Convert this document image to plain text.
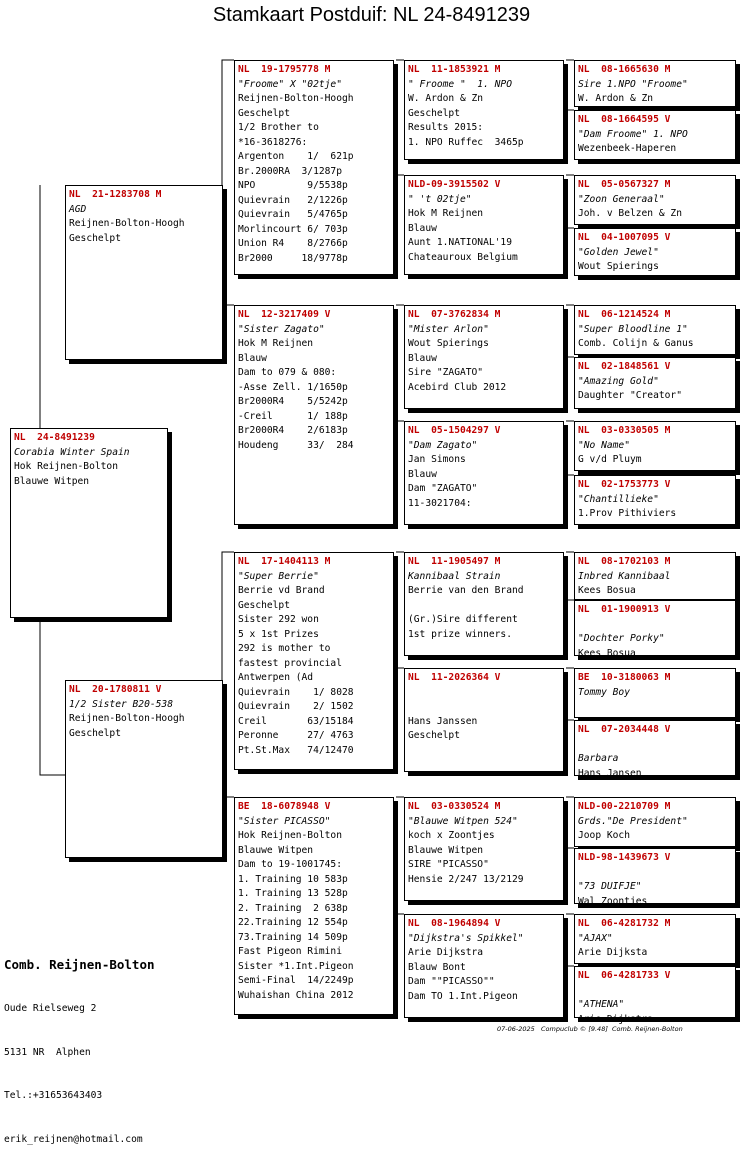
Stamkaart Postduif: NL 24-8491239
NL  24-8491239
Corabia Winter Spain
Hok Reijnen-Bolton
Blauwe Witpen
NL  21-1283708 M
AGD
Reijnen-Bolton-Hoogh
Geschelpt
NL  20-1780811 V
1/2 Sister B20-538
Reijnen-Bolton-Hoogh
Geschelpt
NL  19-1795778 M
"Froome" X "02tje"
Reijnen-Bolton-Hoogh
Geschelpt
1/2 Brother to
*16-3618276:
Argenton    1/  621p
Br.2000RA  3/1287p
NPO         9/5538p
Quievrain   2/1226p
Quievrain   5/4765p
Morlincourt 6/ 703p
Union R4    8/2766p
Br2000     18/9778p
NL  12-3217409 V
"Sister Zagato"
Hok M Reijnen
Blauw
Dam to 079 & 080:
-Asse Zell. 1/1650p
Br2000R4    5/5242p
-Creil      1/ 188p
Br2000R4    2/6183p
Houdeng     33/  284
NL  17-1404113 M
"Super Berrie"
Berrie vd Brand
Geschelpt
Sister 292 won
5 x 1st Prizes
292 is mother to
fastest provincial
Antwerpen (Ad
Quievrain    1/ 8028
Quievrain    2/ 1502
Creil       63/15184
Peronne     27/ 4763
Pt.St.Max   74/12470
BE  18-6078948 V
"Sister PICASSO"
Hok Reijnen-Bolton
Blauwe Witpen
Dam to 19-1001745:
1. Training 10 583p
1. Training 13 528p
2. Training  2 638p
22.Training 12 554p
73.Training 14 509p
Fast Pigeon Rimini
Sister *1.Int.Pigeon
Semi-Final  14/2249p
Wuhaishan China 2012
NL  11-1853921 M
" Froome "  1. NPO
W. Ardon & Zn
Geschelpt
Results 2015:
1. NPO Ruffec  3465p
NLD-09-3915502 V
" 't 02tje"
Hok M Reijnen
Blauw
Aunt 1.NATIONAL'19
Chateauroux Belgium
NL  07-3762834 M
"Mister Arlon"
Wout Spierings
Blauw
Sire "ZAGATO"
Acebird Club 2012
NL  05-1504297 V
"Dam Zagato"
Jan Simons
Blauw
Dam "ZAGATO"
11-3021704:
NL  11-1905497 M
Kannibaal Strain
Berrie van den Brand
(Gr.)Sire different
1st prize winners.
NL  11-2026364 V
Hans Janssen
Geschelpt
NL  03-0330524 M
"Blauwe Witpen 524"
koch x Zoontjes
Blauwe Witpen
SIRE "PICASSO"
Hensie 2/247 13/2129
NL  08-1964894 V
"Dijkstra's Spikkel"
Arie Dijkstra
Blauw Bont
Dam ""PICASSO""
Dam TO 1.Int.Pigeon
NL  08-1665630 M
Sire 1.NPO "Froome"
W. Ardon & Zn
NL  08-1664595 V
"Dam Froome" 1. NPO
Wezenbeek-Haperen
NL  05-0567327 M
"Zoon Generaal"
Joh. v Belzen & Zn
NL  04-1007095 V
"Golden Jewel"
Wout Spierings
NL  06-1214524 M
"Super Bloodline 1"
Comb. Colijn & Ganus
NL  02-1848561 V
"Amazing Gold"
Daughter "Creator"
NL  03-0330505 M
"No Name"
G v/d Pluym
NL  02-1753773 V
"Chantillieke"
1.Prov Pithiviers
NL  08-1702103 M
Inbred Kannibaal
Kees Bosua
NL  01-1900913 V
"Dochter Porky"
Kees Bosua
BE  10-3180063 M
Tommy Boy
NL  07-2034448 V
Barbara
Hans Jansen
NLD-00-2210709 M
Grds."De President"
Joop Koch
NLD-98-1439673 V
"73 DUIFJE"
Wal Zoontjes
NL  06-4281732 M
"AJAX"
Arie Dijksta
NL  06-4281733 V
"ATHENA"
Arie Dijkstra

Comb. Reijnen-Bolton

Oude Rielseweg 2

5131 NR  Alphen

Tel.:+31653643403

erik_reijnen@hotmail.com

07-06-2025   Compuclub © [9.48]  Comb. Reijnen-Bolton
